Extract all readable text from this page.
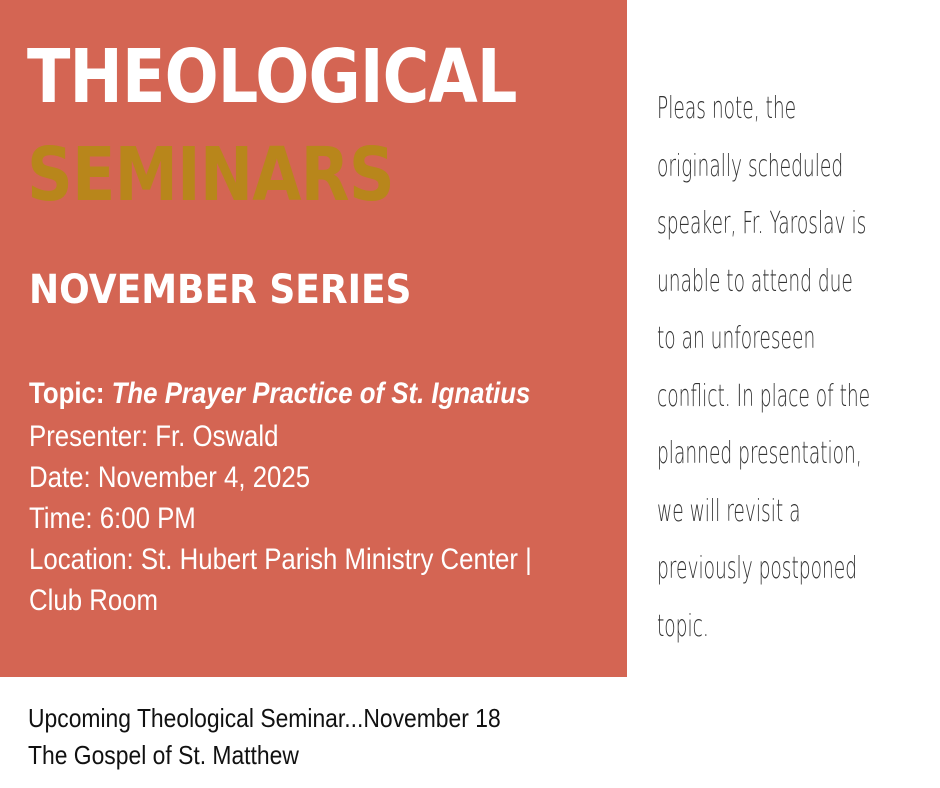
THEOLOGICAL
SEMINARS
NOVEMBER SERIES
Topic: The Prayer Practice of St. Ignatius
Presenter: Fr. Oswald
Date: November 4, 2025
Time: 6:00 PM
Location: St. Hubert Parish Ministry Center |
Club Room
Pleas note, the
originally scheduled
speaker, Fr. Yaroslav is
unable to attend due
to an unforeseen
conflict. In place of the
planned presentation,
we will revisit a
previously postponed
topic.
Upcoming Theological Seminar...November 18
The Gospel of St. Matthew
